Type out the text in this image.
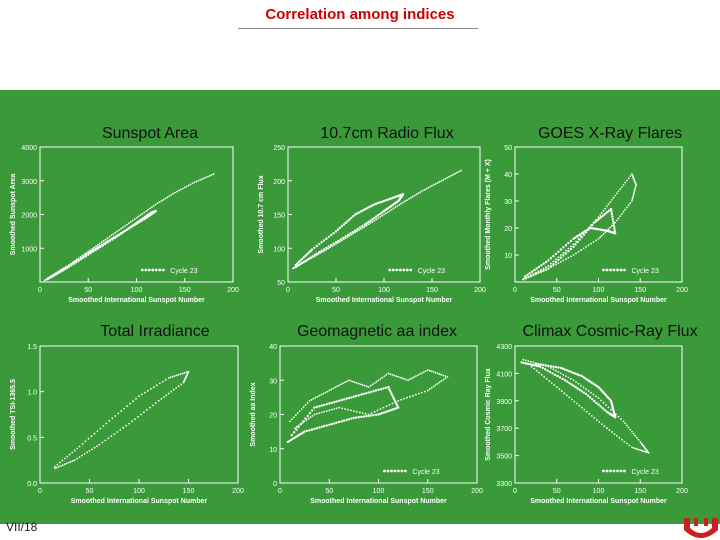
Correlation among indices
0	50	100	150	200
1000
2000
3000
4000
Smoothed International Sunspot Number
Smoothed Sunspot Area
Cycle 23
0	50	100	150	200
50
100
150
200
250
Smoothed International Sunspot Number
Smoothed 10.7 cm Flux
Cycle 23
0	50	100	150	200
10
20
30
40
50
Smoothed International Sunspot Number
Smoothed Monthly Flares (M + X)
Cycle 23
0	50	100	150	200
0.0
0.5
1.0
1.5
Smoothed International Sunspot Number
Smoothed TSI-1365.5
0	50	100	150	200
0
10
20
30
40
Smoothed International Sunspot Number
Smoothed aa Index
Cycle 23
0	50	100	150	200
3300
3500
3700
3900
4100
4300
Smoothed International Sunspot Number
Smoothed Cosmic Ray Flux
Cycle 23
Sunspot Area	10.7cm Radio Flux	GOES X-Ray Flares
Total Irradiance	Geomagnetic aa index	Climax Cosmic-Ray Flux
VII/18
